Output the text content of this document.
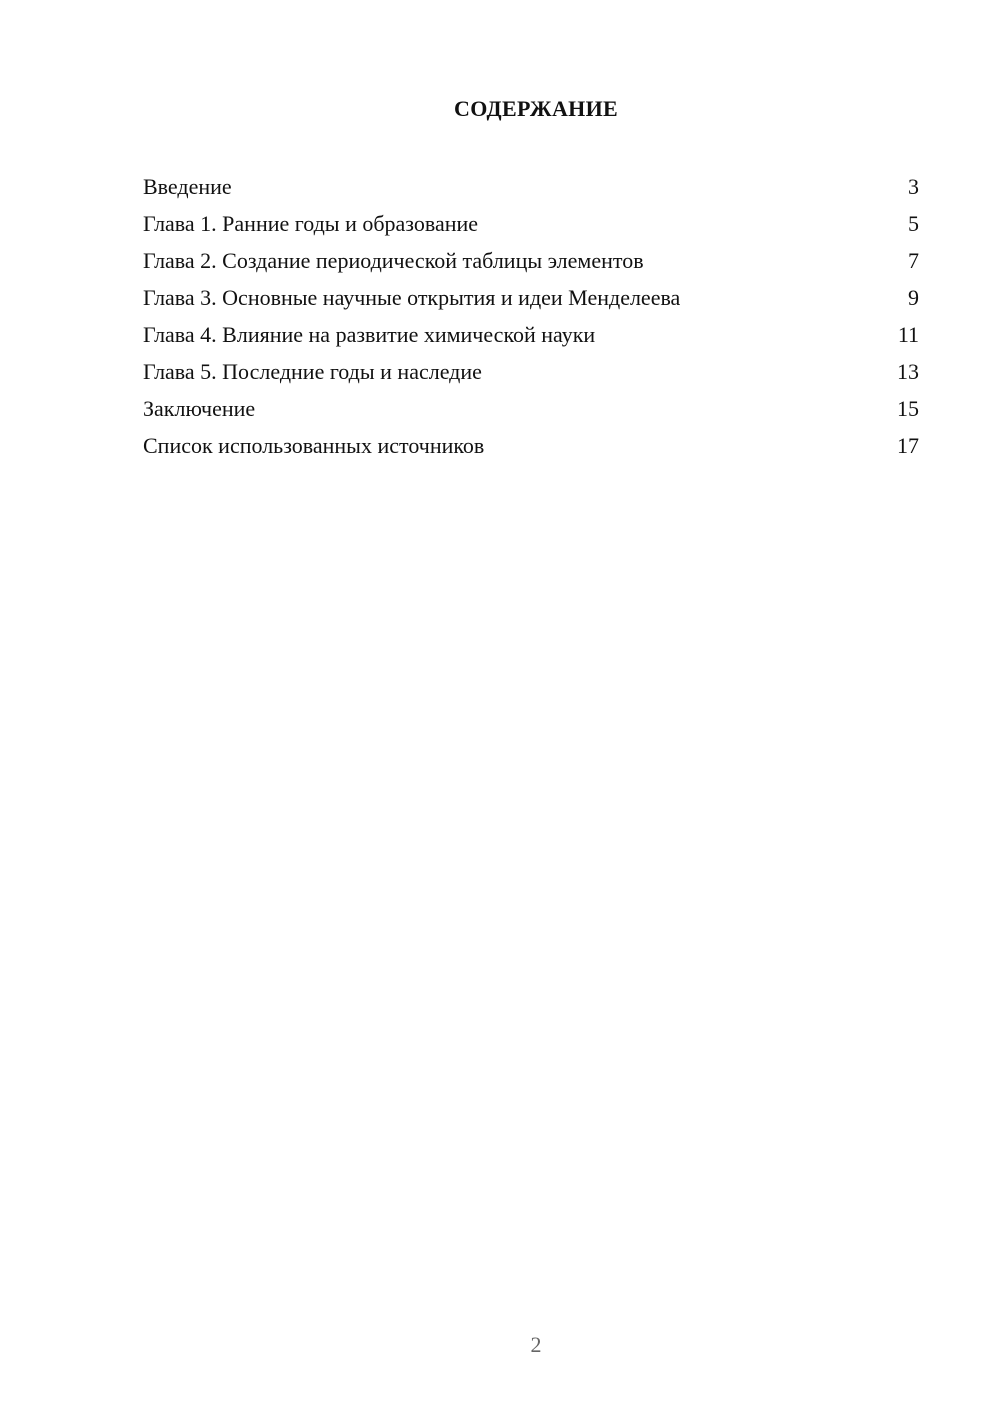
СОДЕРЖАНИЕ
Введение	3
Глава 1. Ранние годы и образование	5
Глава 2. Создание периодической таблицы элементов	7
Глава 3. Основные научные открытия и идеи Менделеева	9
Глава 4. Влияние на развитие химической науки	11
Глава 5. Последние годы и наследие	13
Заключение	15
Список использованных источников	17
2
